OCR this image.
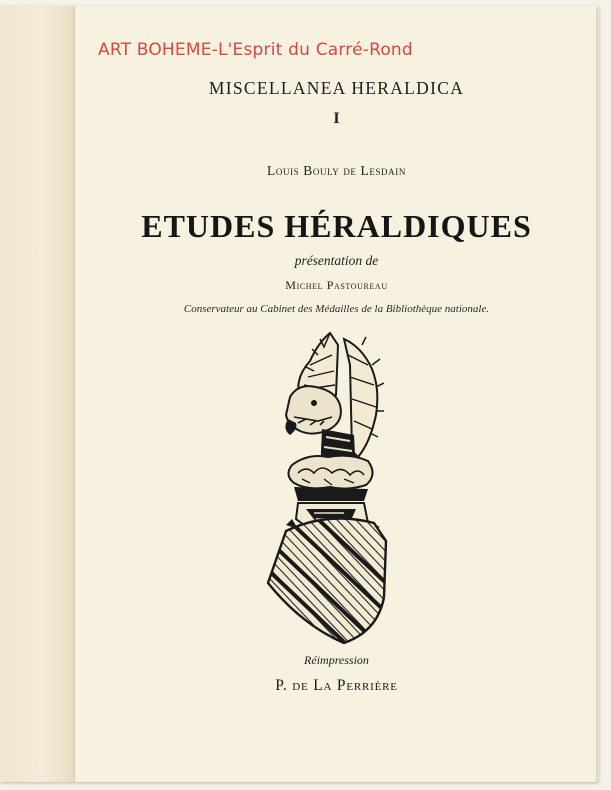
ART BOHEME-L'Esprit du Carré-Rond
MISCELLANEA HERALDICA
I
Louis Bouly de Lesdain
ETUDES HÉRALDIQUES
présentation de
Michel Pastoureau
Conservateur au Cabinet des Médailles de la Bibliothèque nationale.
Réimpression
P. de La Perrière
